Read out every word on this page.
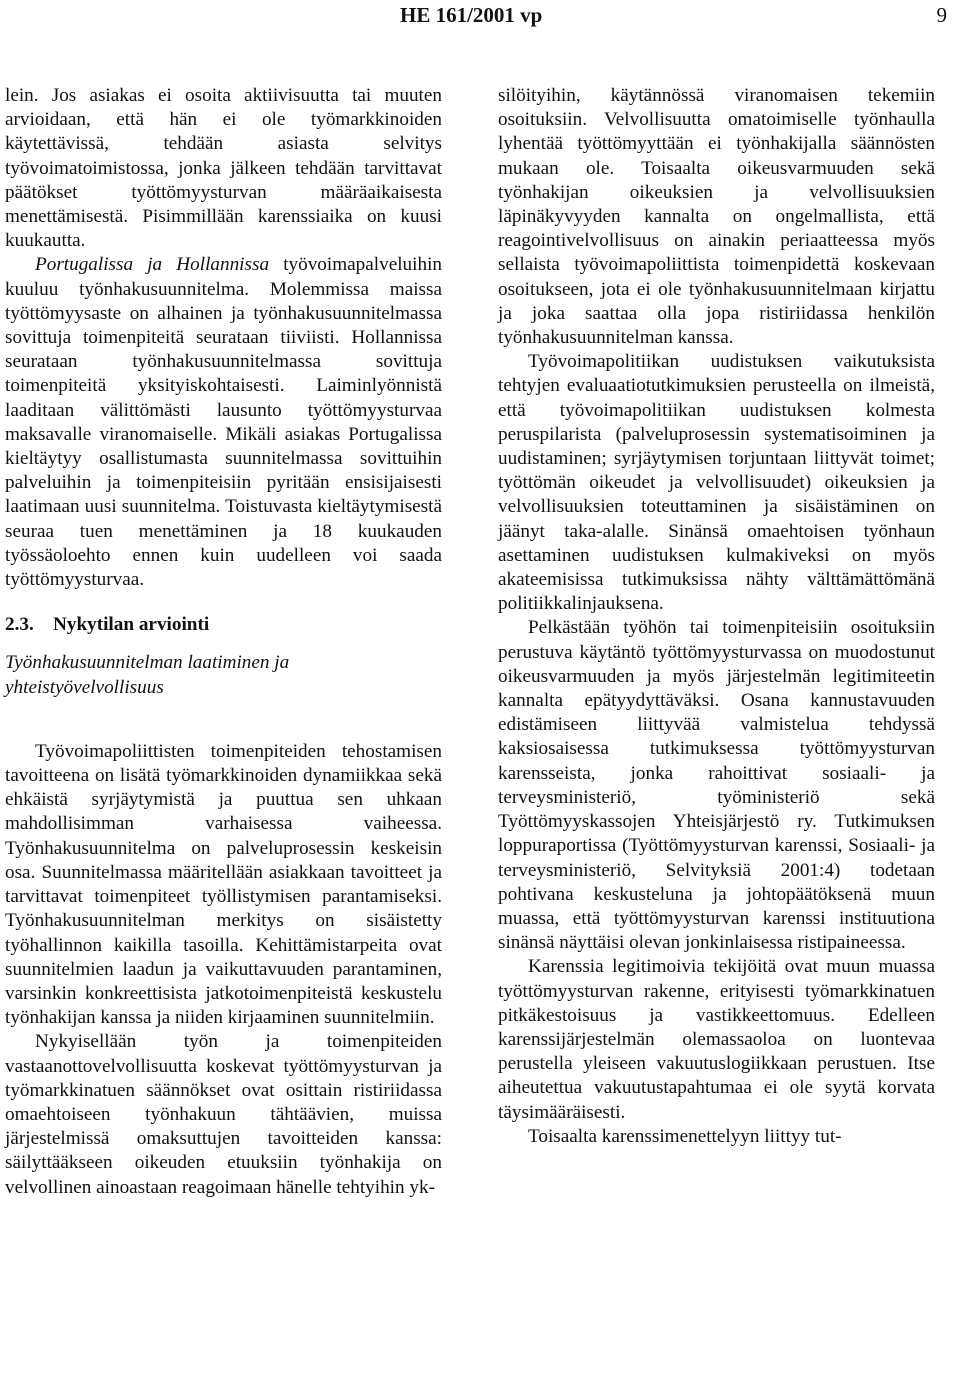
HE 161/2001 vp	9

lein. Jos asiakas ei osoita aktiivisuutta tai muuten arvioidaan, että hän ei ole työmarkkinoiden käytettävissä, tehdään asiasta selvitys työvoimatoimistossa, jonka jälkeen tehdään tarvittavat päätökset työttömyysturvan määräaikaisesta menettämisestä. Pisimmillään karenssiaika on kuusi kuukautta.

Portugalissa ja Hollannissa työvoimapalveluihin kuuluu työnhakusuunnitelma. Molemmissa maissa työttömyysaste on alhainen ja työnhakusuunnitelmassa sovittuja toimenpiteitä seurataan tiiviisti. Hollannissa seurataan työnhakusuunnitelmassa sovittuja toimenpiteitä yksityiskohtaisesti. Laiminlyönnistä laaditaan välittömästi lausunto työttömyysturvaa maksavalle viranomaiselle. Mikäli asiakas Portugalissa kieltäytyy osallistumasta suunnitelmassa sovittuihin palveluihin ja toimenpiteisiin pyritään ensisijaisesti laatimaan uusi suunnitelma. Toistuvasta kieltäytymisestä seuraa tuen menettäminen ja 18 kuukauden työssäoloehto ennen kuin uudelleen voi saada työttömyysturvaa.

2.3. Nykytilan arviointi

Työnhakusuunnitelman laatiminen ja yhteistyövelvollisuus

Työvoimapoliittisten toimenpiteiden tehostamisen tavoitteena on lisätä työmarkkinoiden dynamiikkaa sekä ehkäistä syrjäytymistä ja puuttua sen uhkaan mahdollisimman varhaisessa vaiheessa. Työnhakusuunnitelma on palveluprosessin keskeisin osa. Suunnitelmassa määritellään asiakkaan tavoitteet ja tarvittavat toimenpiteet työllistymisen parantamiseksi. Työnhakusuunnitelman merkitys on sisäistetty työhallinnon kaikilla tasoilla. Kehittämistarpeita ovat suunnitelmien laadun ja vaikuttavuuden parantaminen, varsinkin konkreettisista jatkotoimenpiteistä keskustelu työnhakijan kanssa ja niiden kirjaaminen suunnitelmiin.

Nykyisellään työn ja toimenpiteiden vastaanottovelvollisuutta koskevat työttömyysturvan ja työmarkkinatuen säännökset ovat osittain ristiriidassa omaehtoiseen työnhakuun tähtäävien, muissa järjestelmissä omaksuttujen tavoitteiden kanssa: säilyttääkseen oikeuden etuuksiin työnhakija on velvollinen ainoastaan reagoimaan hänelle tehtyihin yk-

silöityihin, käytännössä viranomaisen tekemiin osoituksiin. Velvollisuutta omatoimiselle työnhaulla lyhentää työttömyyttään ei työnhakijalla säännösten mukaan ole. Toisaalta oikeusvarmuuden sekä työnhakijan oikeuksien ja velvollisuuksien läpinäkyvyyden kannalta on ongelmallista, että reagointivelvollisuus on ainakin periaatteessa myös sellaista työvoimapoliittista toimenpidettä koskevaan osoitukseen, jota ei ole työnhakusuunnitelmaan kirjattu ja joka saattaa olla jopa ristiriidassa henkilön työnhakusuunnitelman kanssa.

Työvoimapolitiikan uudistuksen vaikutuksista tehtyjen evaluaatiotutkimuksien perusteella on ilmeistä, että työvoimapolitiikan uudistuksen kolmesta peruspilarista (palveluprosessin systematisoiminen ja uudistaminen; syrjäytymisen torjuntaan liittyvät toimet; työttömän oikeudet ja velvollisuudet) oikeuksien ja velvollisuuksien toteuttaminen ja sisäistäminen on jäänyt taka-alalle. Sinänsä omaehtoisen työnhaun asettaminen uudistuksen kulmakiveksi on myös akateemisissa tutkimuksissa nähty välttämättömänä politiikkalinjauksena.

Pelkästään työhön tai toimenpiteisiin osoituksiin perustuva käytäntö työttömyysturvassa on muodostunut oikeusvarmuuden ja myös järjestelmän legitimiteetin kannalta epätyydyttäväksi. Osana kannustavuuden edistämiseen liittyvää valmistelua tehdyssä kaksiosaisessa tutkimuksessa työttömyysturvan karensseista, jonka rahoittivat sosiaali- ja terveysministeriö, työministeriö sekä Työttömyyskassojen Yhteisjärjestö ry. Tutkimuksen loppuraportissa (Työttömyysturvan karenssi, Sosiaali- ja terveysministeriö, Selvityksiä 2001:4) todetaan pohtivana keskusteluna ja johtopäätöksenä muun muassa, että työttömyysturvan karenssi instituutiona sinänsä näyttäisi olevan jonkinlaisessa ristipaineessa.

Karenssia legitimoivia tekijöitä ovat muun muassa työttömyysturvan rakenne, erityisesti työmarkkinatuen pitkäkestoisuus ja vastikkeettomuus. Edelleen karenssijärjestelmän olemassaoloa on luontevaa perustella yleiseen vakuutuslogiikkaan perustuen. Itse aiheutettua vakuutustapahtumaa ei ole syytä korvata täysimääräisesti.

Toisaalta karenssimenettelyyn liittyy tut-
